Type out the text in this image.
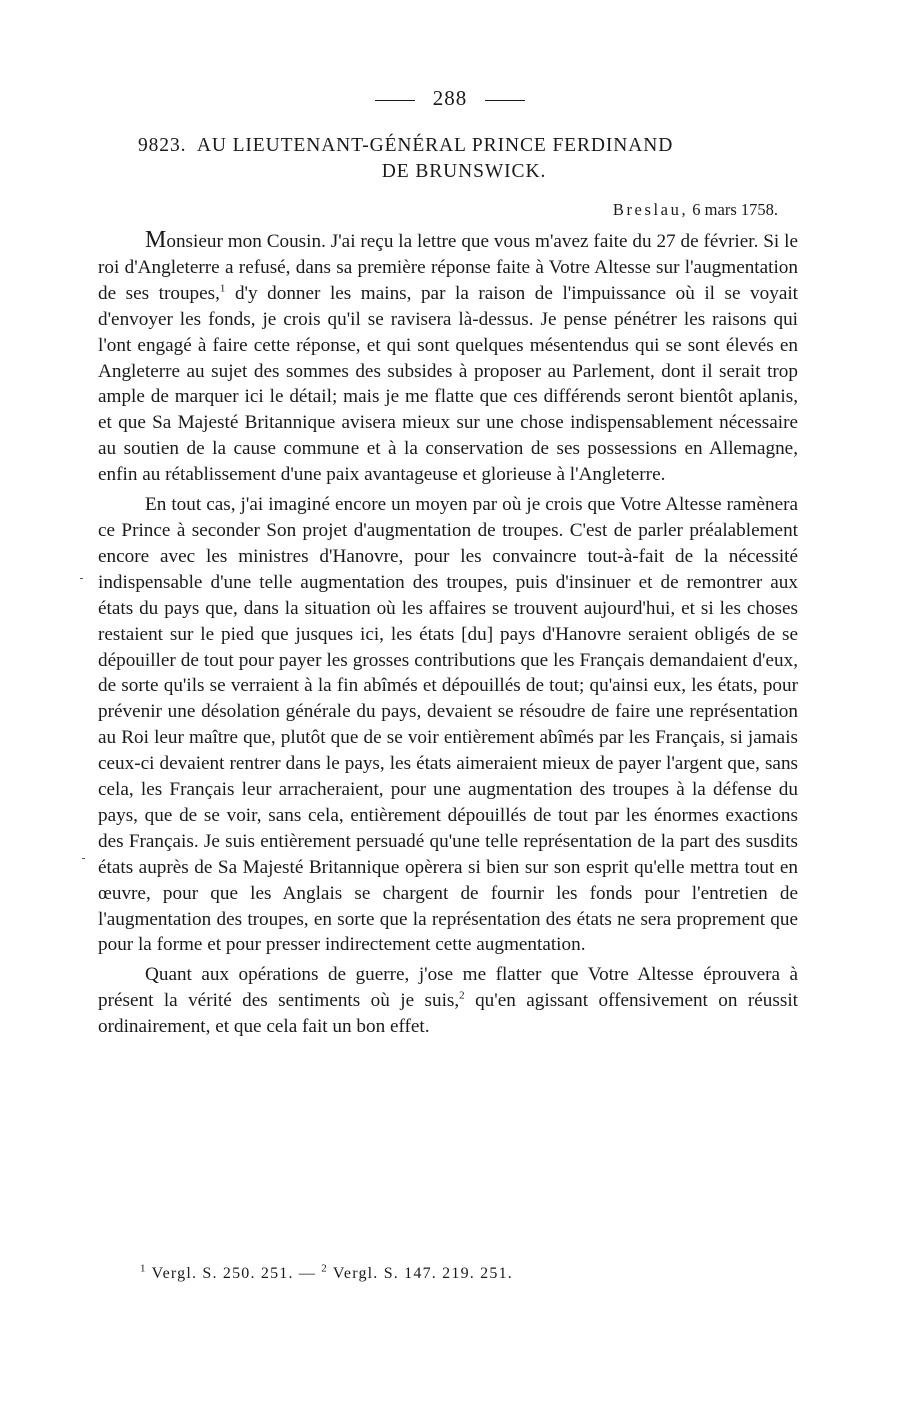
288
9823. AU LIEUTENANT-GÉNÉRAL PRINCE FERDINAND
DE BRUNSWICK.
Breslau, 6 mars 1758.

Monsieur mon Cousin. J'ai reçu la lettre que vous m'avez faite du 27 de février. Si le roi d'Angleterre a refusé, dans sa première réponse faite à Votre Altesse sur l'augmentation de ses troupes,$^1$ d'y donner les mains, par la raison de l'impuissance où il se voyait d'envoyer les fonds, je crois qu'il se ravisera là-dessus. Je pense pénétrer les raisons qui l'ont engagé à faire cette réponse, et qui sont quelques mésentendus qui se sont élevés en Angleterre au sujet des sommes des subsides à proposer au Parlement, dont il serait trop ample de marquer ici le détail; mais je me flatte que ces différends seront bientôt aplanis, et que Sa Majesté Britannique avisera mieux sur une chose indispensablement nécessaire au soutien de la cause commune et à la conservation de ses possessions en Allemagne, enfin au rétablissement d'une paix avantageuse et glorieuse à l'Angleterre.

En tout cas, j'ai imaginé encore un moyen par où je crois que Votre Altesse ramènera ce Prince à seconder Son projet d'augmentation de troupes. C'est de parler préalablement encore avec les ministres d'Hanovre, pour les convaincre tout-à-fait de la nécessité indispensable d'une telle augmentation des troupes, puis d'insinuer et de remontrer aux états du pays que, dans la situation où les affaires se trouvent aujourd'hui, et si les choses restaient sur le pied que jusques ici, les états [du] pays d'Hanovre seraient obligés de se dépouiller de tout pour payer les grosses contributions que les Français demandaient d'eux, de sorte qu'ils se verraient à la fin abîmés et dépouillés de tout; qu'ainsi eux, les états, pour prévenir une désolation générale du pays, devaient se résoudre de faire une représentation au Roi leur maître que, plutôt que de se voir entièrement abîmés par les Français, si jamais ceux-ci devaient rentrer dans le pays, les états aimeraient mieux de payer l'argent que, sans cela, les Français leur arracheraient, pour une augmentation des troupes à la défense du pays, que de se voir, sans cela, entièrement dépouillés de tout par les énormes exactions des Français. Je suis entièrement persuadé qu'une telle représentation de la part des susdits états auprès de Sa Majesté Britannique opèrera si bien sur son esprit qu'elle mettra tout en œuvre, pour que les Anglais se chargent de fournir les fonds pour l'entretien de l'augmentation des troupes, en sorte que la représentation des états ne sera proprement que pour la forme et pour presser indirectement cette augmentation.

Quant aux opérations de guerre, j'ose me flatter que Votre Altesse éprouvera à présent la vérité des sentiments où je suis,$^2$ qu'en agissant offensivement on réussit ordinairement, et que cela fait un bon effet.

$^1$ Vergl. S. 250. 251. — $^2$ Vergl. S. 147. 219. 251.
